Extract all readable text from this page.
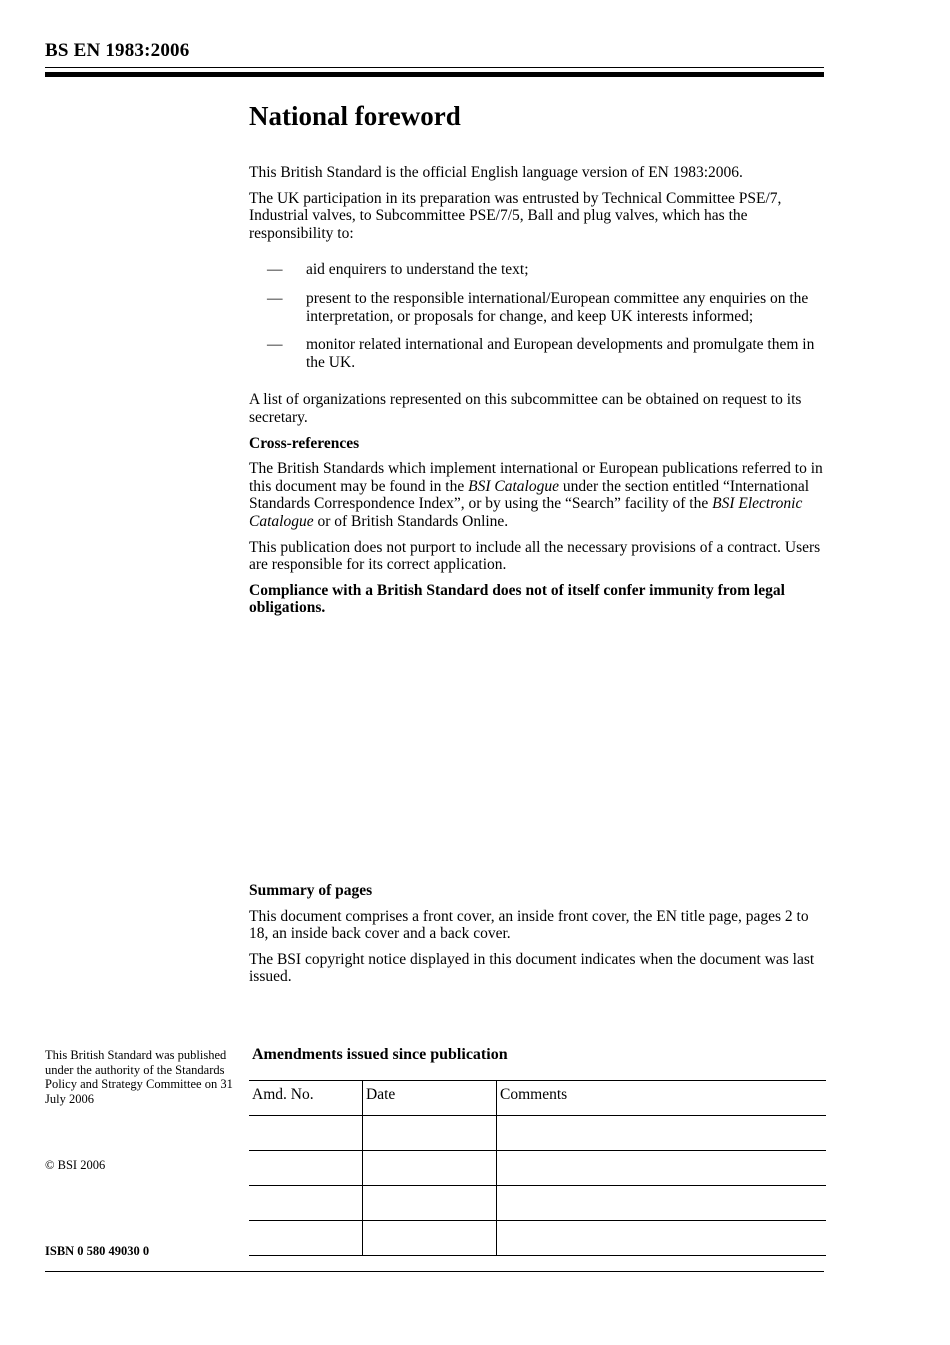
BS EN 1983:2006
National foreword

This British Standard is the official English language version of EN 1983:2006.

The UK participation in its preparation was entrusted by Technical Committee PSE/7, Industrial valves, to Subcommittee PSE/7/5, Ball and plug valves, which has the responsibility to:

— aid enquirers to understand the text;
— present to the responsible international/European committee any enquiries on the interpretation, or proposals for change, and keep UK interests informed;
— monitor related international and European developments and promulgate them in the UK.

A list of organizations represented on this subcommittee can be obtained on request to its secretary.

Cross-references

The British Standards which implement international or European publications referred to in this document may be found in the BSI Catalogue under the section entitled “International Standards Correspondence Index”, or by using the “Search” facility of the BSI Electronic Catalogue or of British Standards Online.

This publication does not purport to include all the necessary provisions of a contract. Users are responsible for its correct application.

Compliance with a British Standard does not of itself confer immunity from legal obligations.

Summary of pages

This document comprises a front cover, an inside front cover, the EN title page, pages 2 to 18, an inside back cover and a back cover.

The BSI copyright notice displayed in this document indicates when the document was last issued.

This British Standard was published under the authority of the Standards Policy and Strategy Committee on 31 July 2006
© BSI 2006
ISBN 0 580 49030 0
Amendments issued since publication
Amd. No.	Date	Comments
